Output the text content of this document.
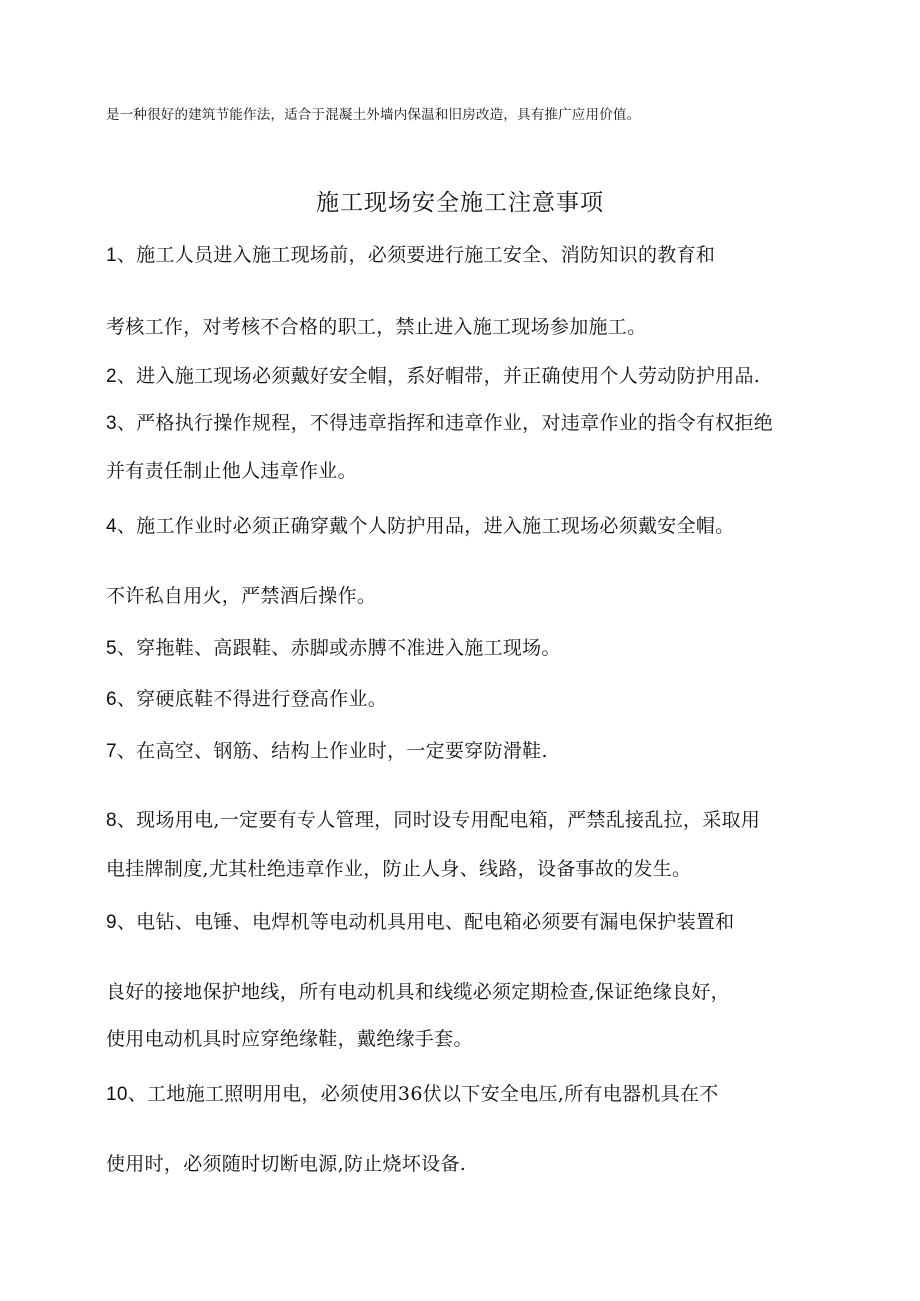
是一种很好的建筑节能作法，适合于混凝土外墙内保温和旧房改造，具有推广应用价值。
施工现场安全施工注意事项
1、施工人员进入施工现场前，必须要进行施工安全、消防知识的教育和
考核工作，对考核不合格的职工，禁止进入施工现场参加施工。
2、进入施工现场必须戴好安全帽，系好帽带，并正确使用个人劳动防护用品.
3、严格执行操作规程，不得违章指挥和违章作业，对违章作业的指令有权拒绝
并有责任制止他人违章作业。
4、施工作业时必须正确穿戴个人防护用品，进入施工现场必须戴安全帽。
不许私自用火，严禁酒后操作。
5、穿拖鞋、高跟鞋、赤脚或赤膊不准进入施工现场。
6、穿硬底鞋不得进行登高作业。
7、在高空、钢筋、结构上作业时，一定要穿防滑鞋.
8、现场用电,一定要有专人管理，同时设专用配电箱，严禁乱接乱拉，采取用
电挂牌制度,尤其杜绝违章作业，防止人身、线路，设备事故的发生。
9、电钻、电锤、电焊机等电动机具用电、配电箱必须要有漏电保护装置和
良好的接地保护地线，所有电动机具和线缆必须定期检查,保证绝缘良好，
使用电动机具时应穿绝缘鞋，戴绝缘手套。
10、工地施工照明用电，必须使用36伏以下安全电压,所有电器机具在不
使用时，必须随时切断电源,防止烧坏设备.
